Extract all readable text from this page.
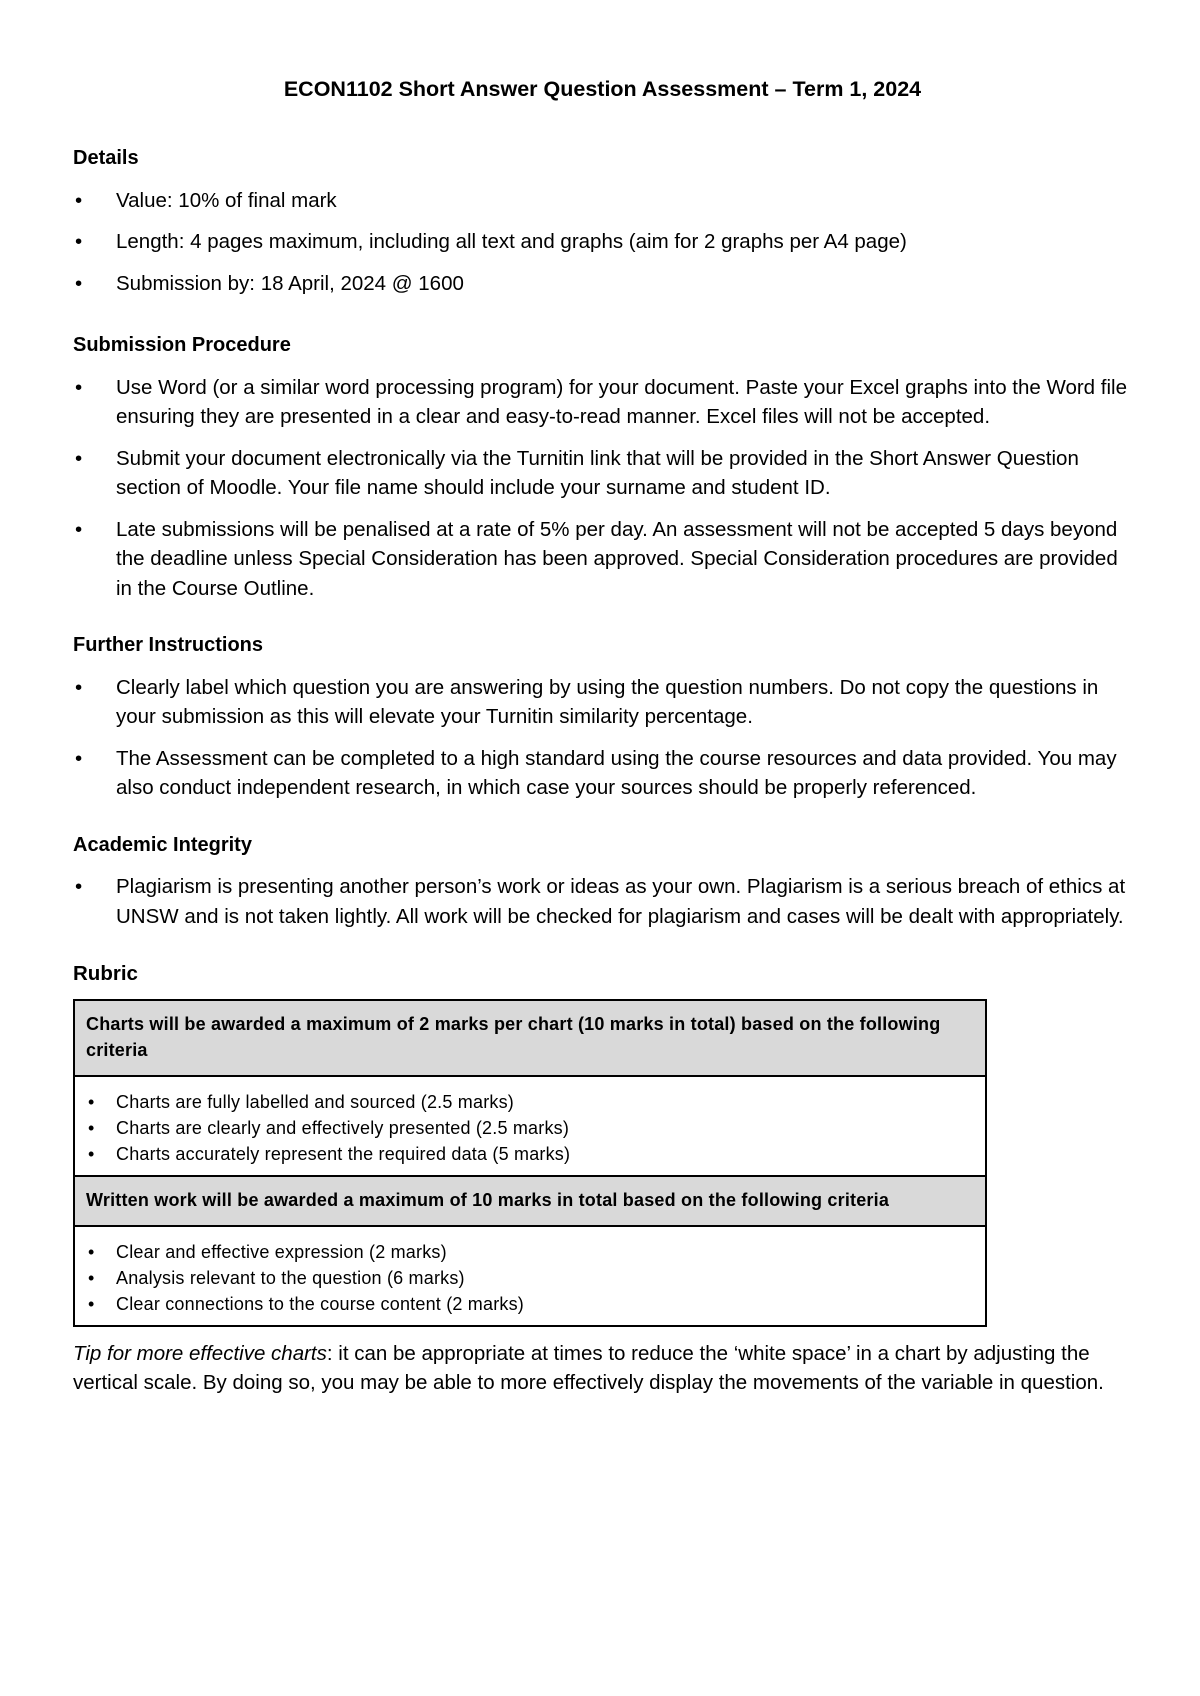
ECON1102 Short Answer Question Assessment – Term 1, 2024
Details
• Value: 10% of final mark
• Length: 4 pages maximum, including all text and graphs (aim for 2 graphs per A4 page)
• Submission by: 18 April, 2024 @ 1600
Submission Procedure
• Use Word (or a similar word processing program) for your document. Paste your Excel graphs into the Word file ensuring they are presented in a clear and easy-to-read manner. Excel files will not be accepted.
• Submit your document electronically via the Turnitin link that will be provided in the Short Answer Question section of Moodle. Your file name should include your surname and student ID.
• Late submissions will be penalised at a rate of 5% per day. An assessment will not be accepted 5 days beyond the deadline unless Special Consideration has been approved. Special Consideration procedures are provided in the Course Outline.
Further Instructions
• Clearly label which question you are answering by using the question numbers. Do not copy the questions in your submission as this will elevate your Turnitin similarity percentage.
• The Assessment can be completed to a high standard using the course resources and data provided. You may also conduct independent research, in which case your sources should be properly referenced.
Academic Integrity
• Plagiarism is presenting another person’s work or ideas as your own. Plagiarism is a serious breach of ethics at UNSW and is not taken lightly. All work will be checked for plagiarism and cases will be dealt with appropriately.
Rubric
Charts will be awarded a maximum of 2 marks per chart (10 marks in total) based on the following criteria

• Charts are fully labelled and sourced (2.5 marks)
• Charts are clearly and effectively presented (2.5 marks)
• Charts accurately represent the required data (5 marks)

Written work will be awarded a maximum of 10 marks in total based on the following criteria

• Clear and effective expression (2 marks)
• Analysis relevant to the question (6 marks)
• Clear connections to the course content (2 marks)
Tip for more effective charts: it can be appropriate at times to reduce the ‘white space’ in a chart by adjusting the vertical scale. By doing so, you may be able to more effectively display the movements of the variable in question.
